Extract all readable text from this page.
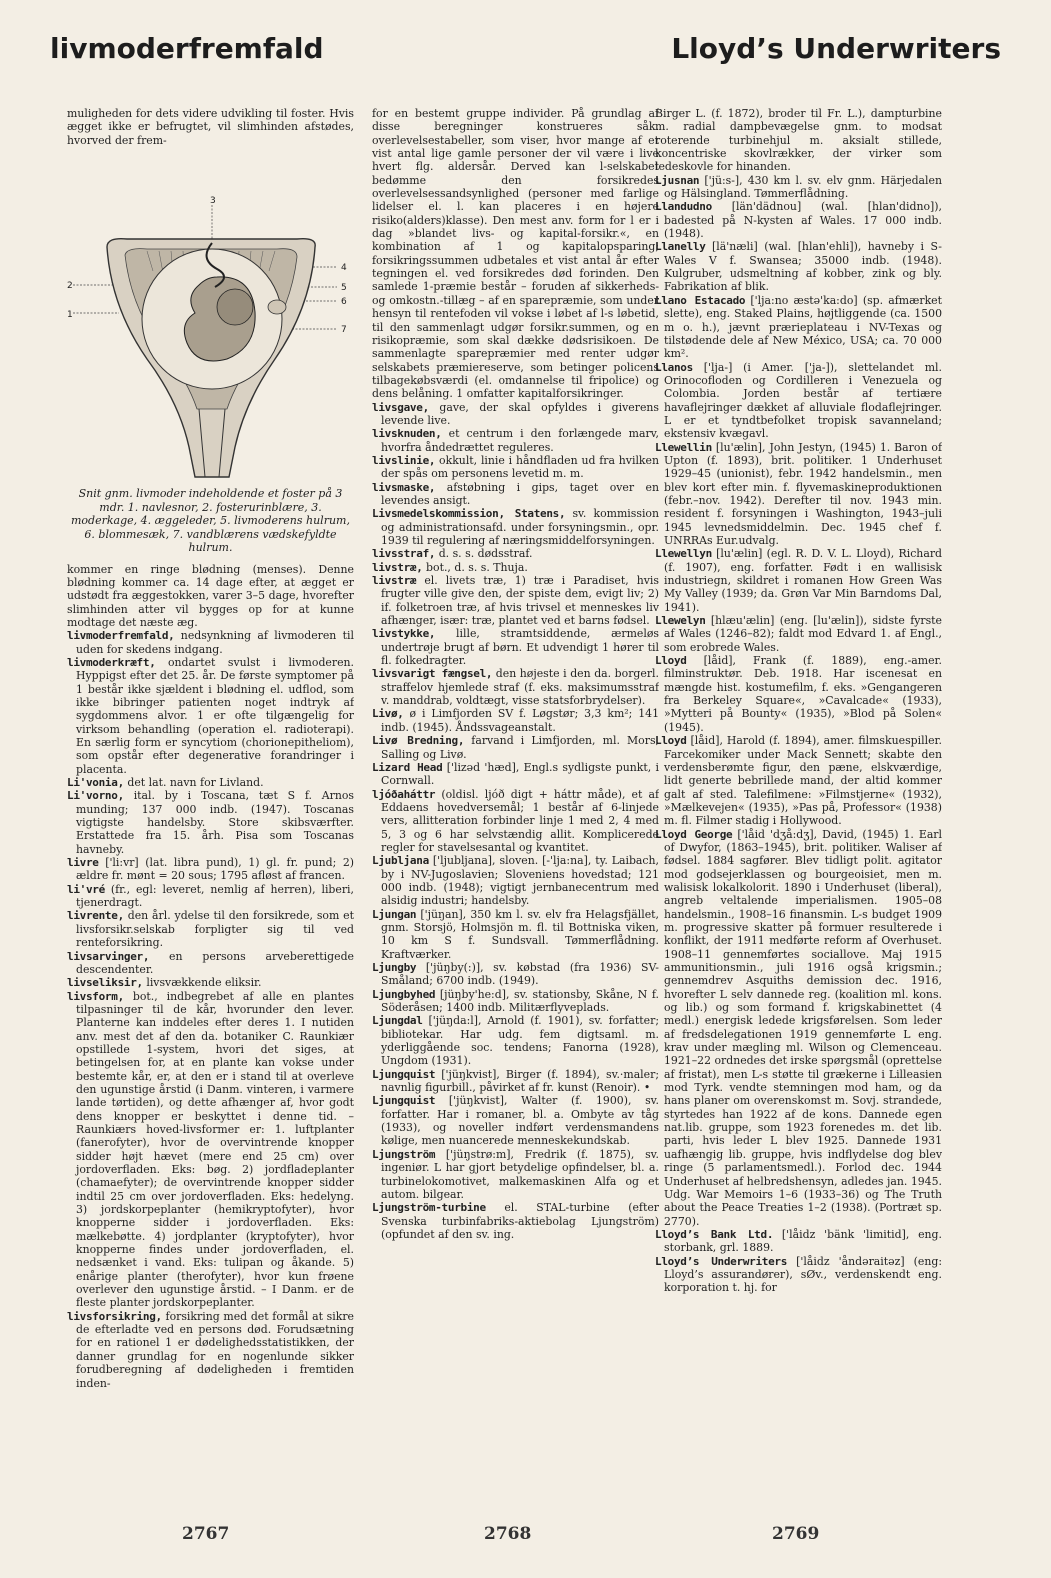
livmoderfremfald	Lloyd’s Underwriters

muligheden for dets videre udvikling til foster. Hvis ægget ikke er befrugtet, vil slimhinden afstødes, hvorved der frem-

1
2
3
4
5
6
7
Snit gnm. livmoder indeholdende et foster på 3 mdr. 1. navlesnor, 2. fosterurinblære, 3. moderkage, 4. æggeleder, 5. livmoderens hulrum, 6. blommesæk, 7. vandblærens vædskefyldte hulrum.

kommer en ringe blødning (menses). Denne blødning kommer ca. 14 dage efter, at ægget er udstødt fra æggestokken, varer 3–5 dage, hvorefter slimhinden atter vil bygges op for at kunne modtage det næste æg.

livmoderfremfald, nedsynkning af livmoderen til uden for skedens indgang.

livmoderkræft, ondartet svulst i livmoderen. Hyppigst efter det 25. år. De første symptomer på 1 består ikke sjældent i blødning el. udflod, som ikke bibringer patienten noget indtryk af sygdommens alvor. 1 er ofte tilgængelig for virksom behandling (operation el. radioterapi). En særlig form er syncytiom (chorionepitheliom), som opstår efter degenerative forandringer i placenta.

Li'vonia, det lat. navn for Livland.

Li'vorno, ital. by i Toscana, tæt S f. Arnos munding; 137 000 indb. (1947). Toscanas vigtigste handelsby. Store skibsværfter. Erstattede fra 15. årh. Pisa som Toscanas havneby.

livre ['li:vr] (lat. libra pund), 1) gl. fr. pund; 2) ældre fr. mønt = 20 sous; 1795 afløst af francen.

li'vré (fr., egl: leveret, nemlig af herren), liberi, tjenerdragt.

livrente, den årl. ydelse til den forsikrede, som et livsforsikr.selskab forpligter sig til ved renteforsikring.

livsarvinger, en persons arveberettigede descendenter.

livseliksir, livsvækkende eliksir.

livsform, bot., indbegrebet af alle en plantes tilpasninger til de kår, hvorunder den lever. Planterne kan inddeles efter deres 1. I nutiden anv. mest det af den da. botaniker C. Raunkiær opstillede 1-system, hvori det siges, at betingelsen for, at en plante kan vokse under bestemte kår, er, at den er i stand til at overleve den ugunstige årstid (i Danm. vinteren, i varmere lande tørtiden), og dette afhænger af, hvor godt dens knopper er beskyttet i denne tid. – Raunkiærs hoved-livsformer er: 1. luftplanter (fanerofyter), hvor de overvintrende knopper sidder højt hævet (mere end 25 cm) over jordoverfladen. Eks: bøg. 2) jordfladeplanter (chamaefyter); de overvintrende knopper sidder indtil 25 cm over jordoverfladen. Eks: hedelyng. 3) jordskorpeplanter (hemikryptofyter), hvor knopperne sidder i jordoverfladen. Eks: mælkebøtte. 4) jordplanter (kryptofyter), hvor knopperne findes under jordoverfladen, el. nedsænket i vand. Eks: tulipan og åkande. 5) enårige planter (therofyter), hvor kun frøene overlever den ugunstige årstid. – I Danm. er de fleste planter jordskorpeplanter.

livsforsikring, forsikring med det formål at sikre de efterladte ved en persons død. Forudsætning for en rationel 1 er dødelighedsstatistikken, der danner grundlag for en nogenlunde sikker forudberegning af dødeligheden i fremtiden inden-

for en bestemt gruppe individer. På grundlag af disse beregninger konstrueres såk. overlevelsestabeller, som viser, hvor mange af et vist antal lige gamle personer der vil være i live hvert flg. aldersår. Derved kan l-selskabet bedømme den forsikredes overlevelsessandsynlighed (personer med farlige lidelser el. l. kan placeres i en højere risiko(alders)klasse). Den mest anv. form for l er i dag »blandet livs- og kapital-forsikr.«, en kombination af 1 og kapitalopsparing; forsikringssummen udbetales et vist antal år efter tegningen el. ved forsikredes død forinden. Den samlede 1-præmie består – foruden af sikkerheds- og omkostn.-tillæg – af en sparepræmie, som under hensyn til rentefoden vil vokse i løbet af l-s løbetid, til den sammenlagt udgør forsikr.summen, og en risikopræmie, som skal dække dødsrisikoen. De sammenlagte sparepræmier med renter udgør selskabets præmiereserve, som betinger policens tilbagekøbsværdi (el. omdannelse til fripolice) og dens belåning. 1 omfatter kapitalforsikringer.

livsgave, gave, der skal opfyldes i giverens levende live.

livsknuden, et centrum i den forlængede marv, hvorfra åndedrættet reguleres.

livslinie, okkult, linie i håndfladen ud fra hvilken der spås om personens levetid m. m.

livsmaske, afstøbning i gips, taget over en levendes ansigt.

Livsmedelskommission, Statens, sv. kommission og administrationsafd. under forsyningsmin., opr. 1939 til regulering af næringsmiddelforsyningen.

livsstraf, d. s. s. dødsstraf.

livstræ, bot., d. s. s. Thuja.

livstræ el. livets træ, 1) træ i Paradiset, hvis frugter ville give den, der spiste dem, evigt liv; 2) if. folketroen træ, af hvis trivsel et menneskes liv afhænger, især: træ, plantet ved et barns fødsel.

livstykke, lille, stramtsiddende, ærmeløs undertrøje brugt af børn. Et udvendigt 1 hører til fl. folkedragter.

livsvarigt fængsel, den højeste i den da. borgerl. straffelov hjemlede straf (f. eks. maksimumsstraf v. manddrab, voldtægt, visse statsforbrydelser).

Livø, ø i Limfjorden SV f. Løgstør; 3,3 km²; 141 indb. (1945). Åndssvageanstalt.

Livø Bredning, farvand i Limfjorden, ml. Mors, Salling og Livø.

Lizard Head ['lizəd 'hæd], Engl.s sydligste punkt, i Cornwall.

ljóðaháttr (oldisl. ljóð digt + háttr måde), et af Eddaens hovedversemål; 1 består af 6-linjede vers, allitteration forbinder linje 1 med 2, 4 med 5, 3 og 6 har selvstændig allit. Komplicerede regler for stavelsesantal og kvantitet.

Ljubljana ['ljubljana], sloven. [-'lja:na], ty. Laibach, by i NV-Jugoslavien; Sloveniens hovedstad; 121 000 indb. (1948); vigtigt jernbanecentrum med alsidig industri; handelsby.

Ljungan ['jüŋan], 350 km l. sv. elv fra Helagsfjället, gnm. Storsjö, Holmsjön m. fl. til Bottniska viken, 10 km S f. Sundsvall. Tømmerflådning. Kraftværker.

Ljungby ['jüŋby(:)], sv. købstad (fra 1936) SV-Småland; 6700 indb. (1949).

Ljungbyhed [jüŋby'he:d], sv. stationsby, Skåne, N f. Söderåsen; 1400 indb. Militærflyveplads.

Ljungdal ['jüŋda:l], Arnold (f. 1901), sv. forfatter; bibliotekar. Har udg. fem digtsaml. m. yderliggående soc. tendens; Fanorna (1928), Ungdom (1931).

Ljungquist ['jüŋkvist], Birger (f. 1894), sv.·maler; navnlig figurbill., påvirket af fr. kunst (Renoir). •

Ljungquist ['jüŋkvist], Walter (f. 1900), sv. forfatter. Har i romaner, bl. a. Ombyte av tåg (1933), og noveller indført verdensmandens kølige, men nuancerede menneskekundskab.

Ljungström ['jüŋstrø:m], Fredrik (f. 1875), sv. ingeniør. L har gjort betydelige opfindelser, bl. a. turbinelokomotivet, malkemaskinen Alfa og et autom. bilgear.

Ljungström-turbine el. STAL-turbine (efter Svenska turbinfabriks-aktiebolag Ljungström) (opfundet af den sv. ing.

Birger L. (f. 1872), broder til Fr. L.), dampturbine m. radial dampbevægelse gnm. to modsat roterende turbinehjul m. aksialt stillede, koncentriske skovlrækker, der virker som ledeskovle for hinanden.

Ljusnan ['jü:s-], 430 km l. sv. elv gnm. Härjedalen og Hälsingland. Tømmerflådning.

Llandudno [län'dädnou] (wal. [hlan'didno]), badested på N-kysten af Wales. 17 000 indb. (1948).

Llanelly [lä'næli] (wal. [hlan'ehli]), havneby i S-Wales V f. Swansea; 35000 indb. (1948). Kulgruber, udsmeltning af kobber, zink og bly. Fabrikation af blik.

Llano Estacado ['lja:no æstə'ka:do] (sp. afmærket slette), eng. Staked Plains, højtliggende (ca. 1500 m o. h.), jævnt prærieplateau i NV-Texas og tilstødende dele af New México, USA; ca. 70 000 km².

Llanos ['lja-] (i Amer. ['ja-]), slettelandet ml. Orinocofloden og Cordilleren i Venezuela og Colombia. Jorden består af tertiære havaflejringer dækket af alluviale flodaflejringer. L er et tyndtbefolket tropisk savanneland; ekstensiv kvægavl.

Llewellin [lu'ælin], John Jestyn, (1945) 1. Baron of Upton (f. 1893), brit. politiker. 1 Underhuset 1929–45 (unionist), febr. 1942 handelsmin., men blev kort efter min. f. flyvemaskineproduktionen (febr.–nov. 1942). Derefter til nov. 1943 min. resident f. forsyningen i Washington, 1943–juli 1945 levnedsmiddelmin. Dec. 1945 chef f. UNRRAs Eur.udvalg.

Llewellyn [lu'ælin] (egl. R. D. V. L. Lloyd), Richard (f. 1907), eng. forfatter. Født i en wallisisk industriegn, skildret i romanen How Green Was My Valley (1939; da. Grøn Var Min Barndoms Dal, 1941).

Llewelyn [hlæu'ælin] (eng. [lu'ælin]), sidste fyrste af Wales (1246–82); faldt mod Edvard 1. af Engl., som erobrede Wales.

Lloyd [låid], Frank (f. 1889), eng.-amer. filminstruktør. Deb. 1918. Har iscenesat en mængde hist. kostumefilm, f. eks. »Gengangeren fra Berkeley Square«, »Cavalcade« (1933), »Mytteri på Bounty« (1935), »Blod på Solen« (1945).

Lloyd [låid], Harold (f. 1894), amer. filmskuespiller. Farcekomiker under Mack Sennett; skabte den verdensberømte figur, den pæne, elskværdige, lidt generte bebrillede mand, der altid kommer galt af sted. Talefilmene: »Filmstjerne« (1932), »Mælkevejen« (1935), »Pas på, Professor« (1938) m. fl. Filmer stadig i Hollywood.

Lloyd George ['låid 'dʒå:dʒ], David, (1945) 1. Earl of Dwyfor, (1863–1945), brit. politiker. Waliser af fødsel. 1884 sagfører. Blev tidligt polit. agitator mod godsejerklassen og bourgeoisiet, men m. walisisk lokalkolorit. 1890 i Underhuset (liberal), angreb veltalende imperialismen. 1905–08 handelsmin., 1908–16 finansmin. L-s budget 1909 m. progressive skatter på formuer resulterede i konflikt, der 1911 medførte reform af Overhuset. 1908–11 gennemførtes sociallove. Maj 1915 ammunitionsmin., juli 1916 også krigsmin.; gennemdrev Asquiths demission dec. 1916, hvorefter L selv dannede reg. (koalition ml. kons. og lib.) og som formand f. krigskabinettet (4 medl.) energisk ledede krigsførelsen. Som leder af fredsdelegationen 1919 gennemførte L eng. krav under mægling ml. Wilson og Clemenceau. 1921–22 ordnedes det irske spørgsmål (oprettelse af fristat), men L-s støtte til grækerne i Lilleasien mod Tyrk. vendte stemningen mod ham, og da hans planer om overenskomst m. Sovj. strandede, styrtedes han 1922 af de kons. Dannede egen nat.lib. gruppe, som 1923 forenedes m. det lib. parti, hvis leder L blev 1925. Dannede 1931 uafhængig lib. gruppe, hvis indflydelse dog blev ringe (5 parlamentsmedl.). Forlod dec. 1944 Underhuset af helbredshensyn, adledes jan. 1945. Udg. War Memoirs 1–6 (1933–36) og The Truth about the Peace Treaties 1–2 (1938). (Portræt sp. 2770).

Lloyd’s Bank Ltd. ['låidz 'bänk 'limitid], eng. storbank, grl. 1889.

Lloyd’s Underwriters ['låidz 'åndəraitəz] (eng: Lloyd’s assurandører), sØv., verdenskendt eng. korporation t. hj. for

2767	2768	2769
